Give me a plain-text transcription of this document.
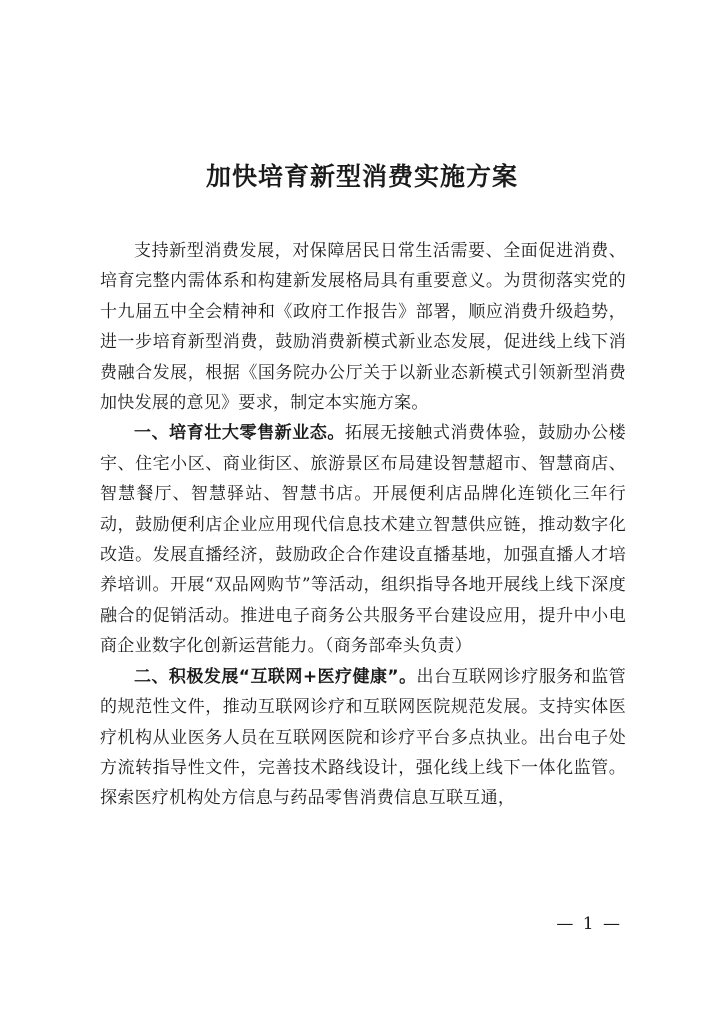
加快培育新型消费实施方案

支持新型消费发展，对保障居民日常生活需要、全面促进消费、培育完整内需体系和构建新发展格局具有重要意义。为贯彻落实党的十九届五中全会精神和《政府工作报告》部署，顺应消费升级趋势，进一步培育新型消费，鼓励消费新模式新业态发展，促进线上线下消费融合发展，根据《国务院办公厅关于以新业态新模式引领新型消费加快发展的意见》要求，制定本实施方案。

一、培育壮大零售新业态。拓展无接触式消费体验，鼓励办公楼宇、住宅小区、商业街区、旅游景区布局建设智慧超市、智慧商店、智慧餐厅、智慧驿站、智慧书店。开展便利店品牌化连锁化三年行动，鼓励便利店企业应用现代信息技术建立智慧供应链，推动数字化改造。发展直播经济，鼓励政企合作建设直播基地，加强直播人才培养培训。开展“双品网购节”等活动，组织指导各地开展线上线下深度融合的促销活动。推进电子商务公共服务平台建设应用，提升中小电商企业数字化创新运营能力。（商务部牵头负责）

二、积极发展“互联网+医疗健康”。出台互联网诊疗服务和监管的规范性文件，推动互联网诊疗和互联网医院规范发展。支持实体医疗机构从业医务人员在互联网医院和诊疗平台多点执业。出台电子处方流转指导性文件，完善技术路线设计，强化线上线下一体化监管。探索医疗机构处方信息与药品零售消费信息互联互通，

— 1 —
